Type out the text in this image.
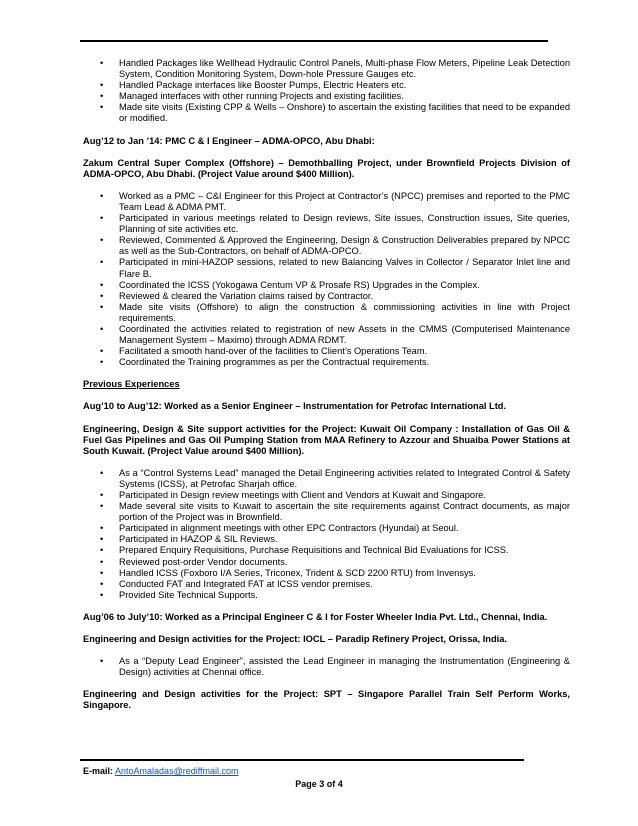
• Handled Packages like Wellhead Hydraulic Control Panels, Multi-phase Flow Meters, Pipeline Leak Detection System, Condition Monitoring System, Down-hole Pressure Gauges etc.
• Handled Package interfaces like Booster Pumps, Electric Heaters etc.
• Managed interfaces with other running Projects and existing facilities.
• Made site visits (Existing CPP & Wells – Onshore) to ascertain the existing facilities that need to be expanded or modified.

Aug’12 to Jan ’14: PMC C & I Engineer – ADMA-OPCO, Abu Dhabi:

Zakum Central Super Complex (Offshore) – Demothballing Project, under Brownfield Projects Division of ADMA-OPCO, Abu Dhabi. (Project Value around $400 Million).

• Worked as a PMC – C&I Engineer for this Project at Contractor’s (NPCC) premises and reported to the PMC Team Lead & ADMA PMT.
• Participated in various meetings related to Design reviews, Site issues, Construction issues, Site queries, Planning of site activities etc.
• Reviewed, Commented & Approved the Engineering, Design & Construction Deliverables prepared by NPCC as well as the Sub-Contractors, on behalf of ADMA-OPCO.
• Participated in mini-HAZOP sessions, related to new Balancing Valves in Collector / Separator Inlet line and Flare B.
• Coordinated the ICSS (Yokogawa Centum VP & Prosafe RS) Upgrades in the Complex.
• Reviewed & cleared the Variation claims raised by Contractor.
• Made site visits (Offshore) to align the construction & commissioning activities in line with Project requirements.
• Coordinated the activities related to registration of new Assets in the CMMS (Computerised Maintenance Management System – Maximo) through ADMA RDMT.
• Facilitated a smooth hand-over of the facilities to Client’s Operations Team.
• Coordinated the Training programmes as per the Contractual requirements.

Previous Experiences

Aug’10 to Aug’12: Worked as a Senior Engineer – Instrumentation for Petrofac International Ltd.

Engineering, Design & Site support activities for the Project: Kuwait Oil Company : Installation of Gas Oil & Fuel Gas Pipelines and Gas Oil Pumping Station from MAA Refinery to Azzour and Shuaiba Power Stations at South Kuwait. (Project Value around $400 Million).

• As a “Control Systems Lead” managed the Detail Engineering activities related to Integrated Control & Safety Systems (ICSS), at Petrofac Sharjah office.
• Participated in Design review meetings with Client and Vendors at Kuwait and Singapore.
• Made several site visits to Kuwait to ascertain the site requirements against Contract documents, as major portion of the Project was in Brownfield.
• Participated in alignment meetings with other EPC Contractors (Hyundai) at Seoul.
• Participated in HAZOP & SIL Reviews.
• Prepared Enquiry Requisitions, Purchase Requisitions and Technical Bid Evaluations for ICSS.
• Reviewed post-order Vendor documents.
• Handled ICSS (Foxboro I/A Series, Triconex, Trident & SCD 2200 RTU) from Invensys.
• Conducted FAT and Integrated FAT at ICSS vendor premises.
• Provided Site Technical Supports.

Aug’06 to July’10: Worked as a Principal Engineer C & I for Foster Wheeler India Pvt. Ltd., Chennai, India.

Engineering and Design activities for the Project: IOCL – Paradip Refinery Project, Orissa, India.

• As a “Deputy Lead Engineer”, assisted the Lead Engineer in managing the Instrumentation (Engineering & Design) activities at Chennai office.

Engineering and Design activities for the Project: SPT – Singapore Parallel Train Self Perform Works, Singapore.

E-mail: AntoAmaladas@rediffmail.com
Page 3 of 4
